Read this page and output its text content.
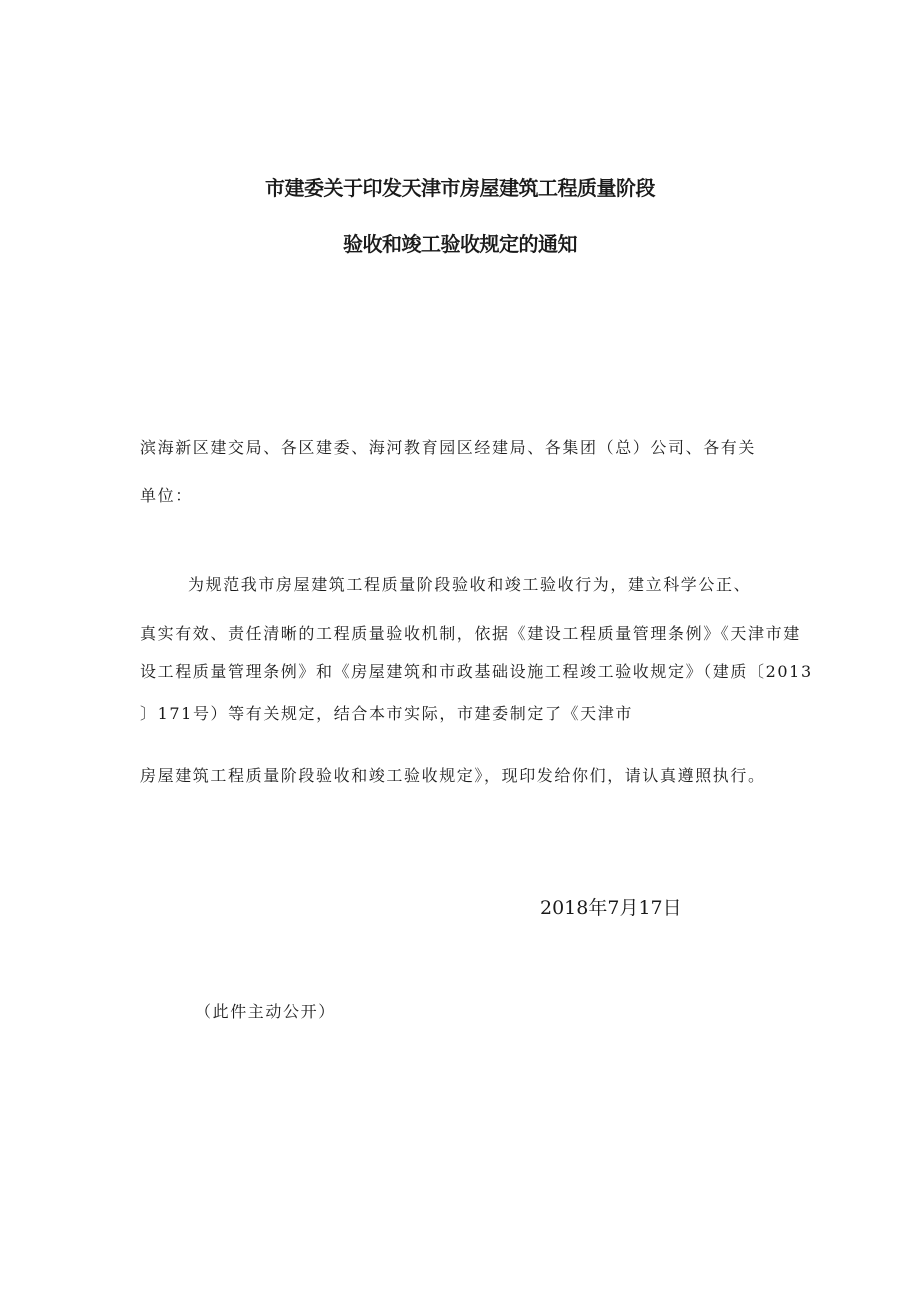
市建委关于印发天津市房屋建筑工程质量阶段
验收和竣工验收规定的通知
滨海新区建交局、各区建委、海河教育园区经建局、各集团（总）公司、各有关
单位：
为规范我市房屋建筑工程质量阶段验收和竣工验收行为，建立科学公正、
真实有效、责任清晰的工程质量验收机制，依据《建设工程质量管理条例》《天津市建
设工程质量管理条例》和《房屋建筑和市政基础设施工程竣工验收规定》（建质〔2013
〕171号）等有关规定，结合本市实际，市建委制定了《天津市
房屋建筑工程质量阶段验收和竣工验收规定》，现印发给你们，请认真遵照执行。
2018年7月17日
（此件主动公开）
